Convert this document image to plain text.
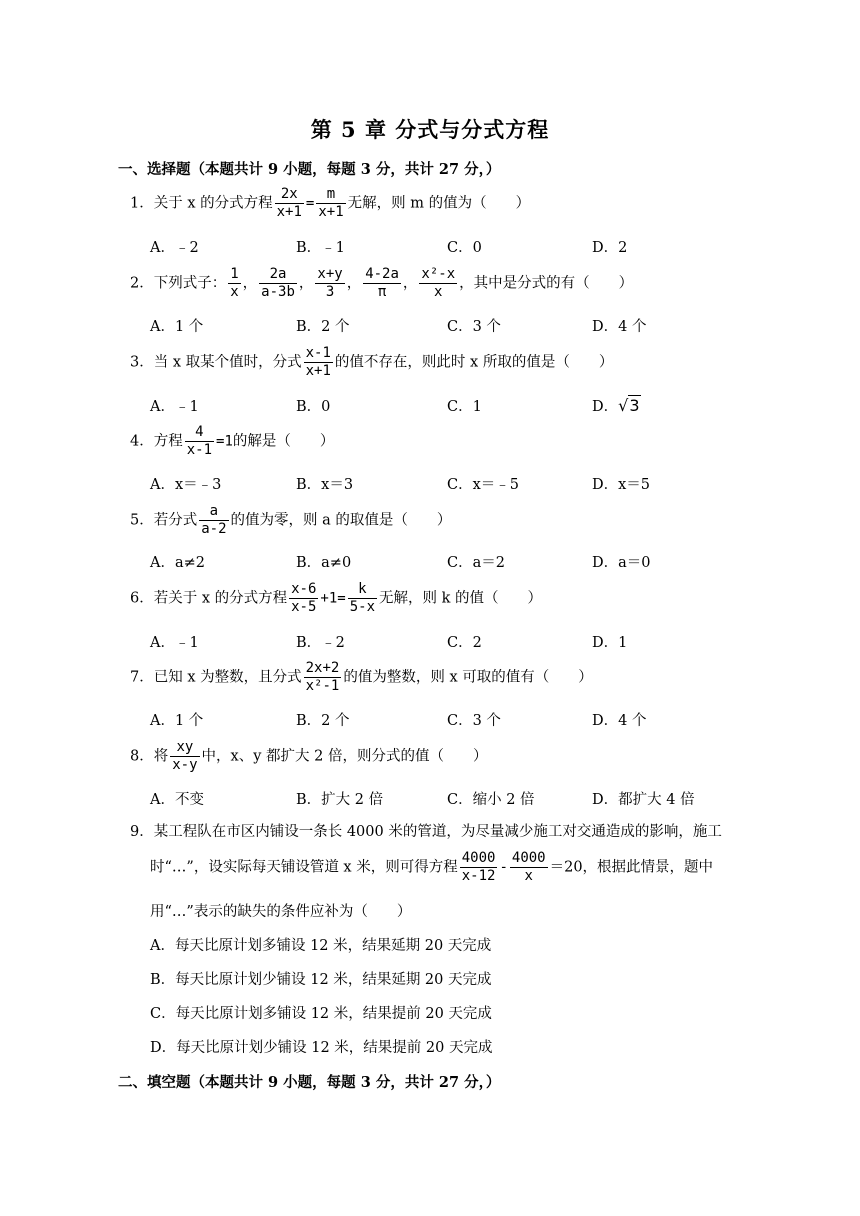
第 5 章 分式与分式方程
一、选择题（本题共计 9 小题，每题 3 分，共计 27 分，）
1．关于 x 的分式方程 $\frac{2x}{x+1} = \frac{m}{x+1}$ 无解，则 m 的值为（　　）
A．﹣2	B．﹣1	C．0	D．2
2．下列式子： $\frac{1}{x}$ ， $\frac{2a}{a-3b}$ ， $\frac{x+y}{3}$ ， $\frac{4-2a}{\pi}$ ， $\frac{\text{x²-x}}{x}$ ，其中是分式的有（　　）
A．1 个	B．2 个	C．3 个	D．4 个
3．当 x 取某个值时，分式 $\frac{x-1}{x+1}$ 的值不存在，则此时 x 所取的值是（　　）
A．﹣1	B．0	C．1	D．√3
4．方程 $\frac{4}{x-1} =1$的解是（　　）
A．x＝﹣3	B．x＝3	C．x＝﹣5	D．x＝5
5．若分式 $\frac{a}{a-2}$ 的值为零，则 a 的取值是（　　）
A．a≠2	B．a≠0	C．a＝2	D．a＝0
6．若关于 x 的分式方程 $\frac{x-6}{x-5} +1= \frac{k}{5-x}$ 无解，则 k 的值（　　）
A．﹣1	B．﹣2	C．2	D．1
7．已知 x 为整数，且分式 $\frac{2x+2}{\text{x²-1}}$ 的值为整数，则 x 可取的值有（　　）
A．1 个	B．2 个	C．3 个	D．4 个
8．将 $\frac{xy}{x-y}$ 中，x、y 都扩大 2 倍，则分式的值（　　）
A．不变	B．扩大 2 倍	C．缩小 2 倍	D．都扩大 4 倍
9．某工程队在市区内铺设一条长 4000 米的管道，为尽量减少施工对交通造成的影响，施工
时“…”，设实际每天铺设管道 x 米，则可得方程 $\frac{4000}{x-12} - \frac{4000}{x} =20$，根据此情景，题中
用“…”表示的缺失的条件应补为（　　）
A．每天比原计划多铺设 12 米，结果延期 20 天完成
B．每天比原计划少铺设 12 米，结果延期 20 天完成
C．每天比原计划多铺设 12 米，结果提前 20 天完成
D．每天比原计划少铺设 12 米，结果提前 20 天完成
二、填空题（本题共计 9 小题，每题 3 分，共计 27 分，）
